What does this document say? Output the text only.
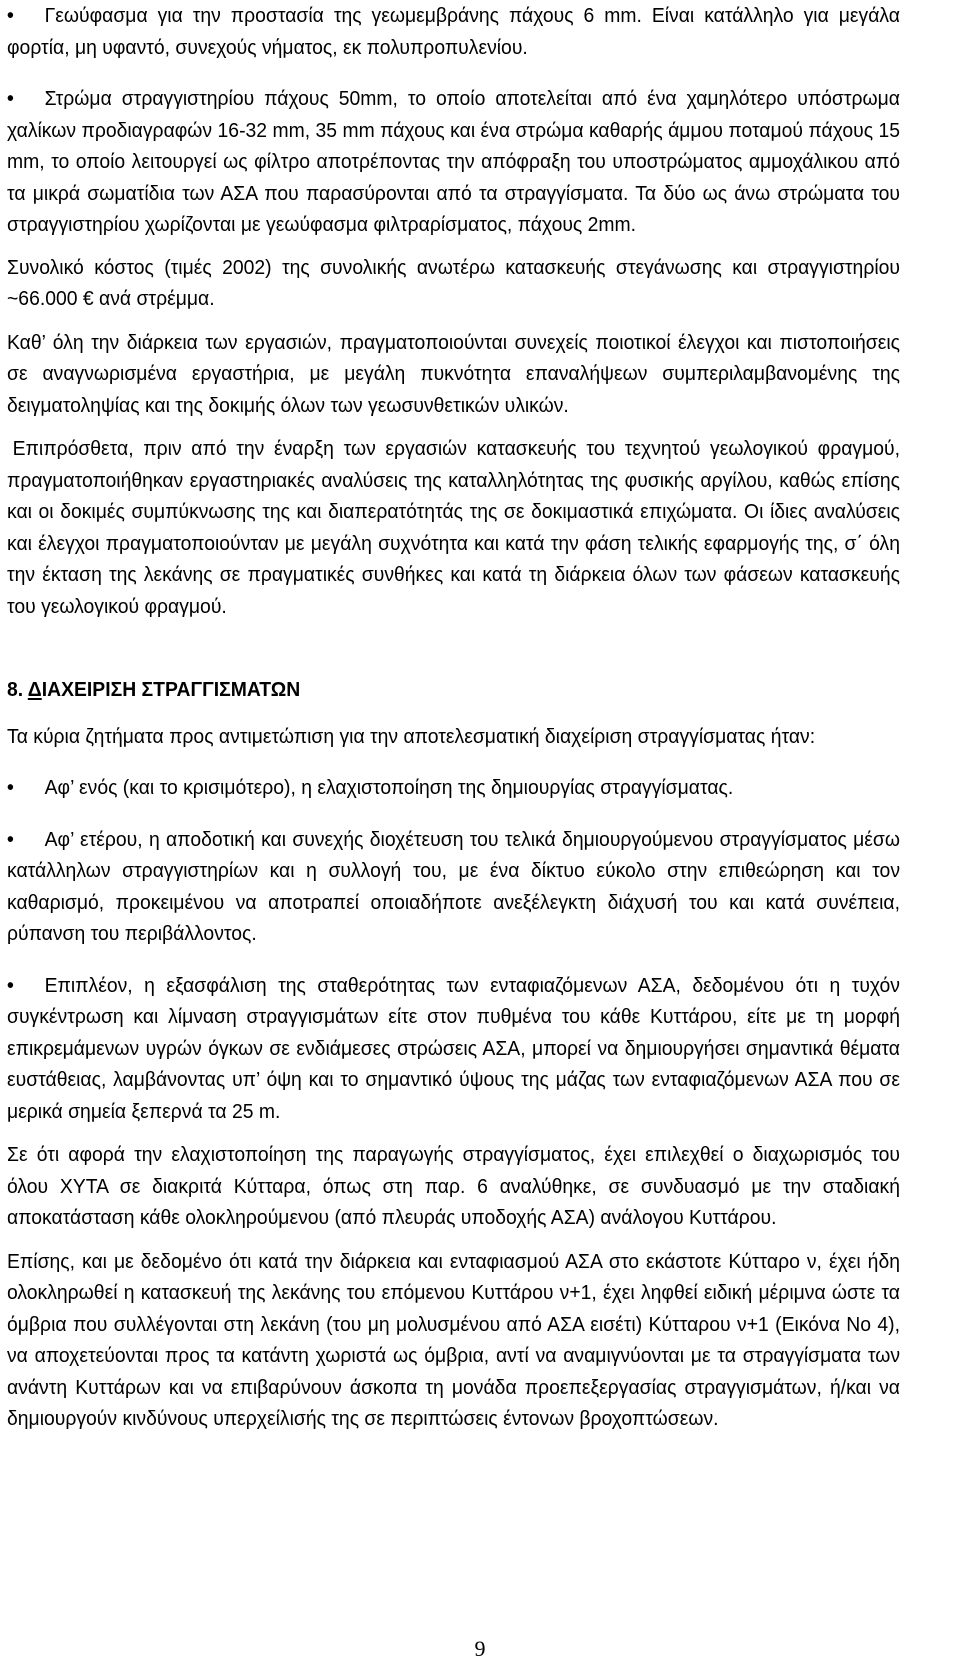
•	Γεωύφασμα για την προστασία της γεωμεμβράνης πάχους 6 mm. Είναι κατάλληλο για μεγάλα φορτία, μη υφαντό, συνεχούς νήματος, εκ πολυπροπυλενίου.

•	Στρώμα στραγγιστηρίου πάχους 50mm, το οποίο αποτελείται από ένα χαμηλότερο υπόστρωμα χαλίκων προδιαγραφών 16-32 mm, 35 mm πάχους και ένα στρώμα καθαρής άμμου ποταμού πάχους 15 mm, το οποίο λειτουργεί ως φίλτρο αποτρέποντας την απόφραξη του υποστρώματος αμμοχάλικου από τα μικρά σωματίδια των ΑΣΑ που παρασύρονται από τα στραγγίσματα. Τα δύο ως άνω στρώματα του στραγγιστηρίου χωρίζονται με γεωύφασμα φιλτραρίσματος, πάχους 2mm.

Συνολικό κόστος (τιμές 2002) της συνολικής ανωτέρω κατασκευής στεγάνωσης και στραγγιστηρίου ~66.000 € ανά στρέμμα.

Καθ’ όλη την διάρκεια των εργασιών, πραγματοποιούνται συνεχείς ποιοτικοί έλεγχοι και πιστοποιήσεις σε αναγνωρισμένα εργαστήρια, με μεγάλη πυκνότητα επαναλήψεων συμπεριλαμβανομένης της δειγματοληψίας και της δοκιμής όλων των γεωσυνθετικών υλικών.

Επιπρόσθετα, πριν από την έναρξη των εργασιών κατασκευής του τεχνητού γεωλογικού φραγμού, πραγματοποιήθηκαν εργαστηριακές αναλύσεις της καταλληλότητας της φυσικής αργίλου, καθώς επίσης και οι δοκιμές συμπύκνωσης της και διαπερατότητάς της σε δοκιμαστικά επιχώματα. Οι ίδιες αναλύσεις και έλεγχοι πραγματοποιούνταν με μεγάλη συχνότητα και κατά την φάση τελικής εφαρμογής της, σ΄ όλη την έκταση της λεκάνης σε πραγματικές συνθήκες και κατά τη διάρκεια όλων των φάσεων κατασκευής του γεωλογικού φραγμού.

8. ΔΙΑΧΕΙΡΙΣΗ ΣΤΡΑΓΓΙΣΜΑΤΩΝ

Τα κύρια ζητήματα προς αντιμετώπιση για την αποτελεσματική διαχείριση στραγγίσματας ήταν:

•	Αφ’ ενός (και το κρισιμότερο), η ελαχιστοποίηση της δημιουργίας στραγγίσματας.

•	Αφ’ ετέρου, η αποδοτική και συνεχής διοχέτευση του τελικά δημιουργούμενου στραγγίσματος μέσω κατάλληλων στραγγιστηρίων και η συλλογή του, με ένα δίκτυο εύκολο στην επιθεώρηση και τον καθαρισμό, προκειμένου να αποτραπεί οποιαδήποτε ανεξέλεγκτη διάχυσή του και κατά συνέπεια, ρύπανση του περιβάλλοντος.

•	Επιπλέον, η εξασφάλιση της σταθερότητας των ενταφιαζόμενων ΑΣΑ, δεδομένου ότι η τυχόν συγκέντρωση και λίμναση στραγγισμάτων είτε στον πυθμένα του κάθε Κυττάρου, είτε με τη μορφή επικρεμάμενων υγρών όγκων σε ενδιάμεσες στρώσεις ΑΣΑ, μπορεί να δημιουργήσει σημαντικά θέματα ευστάθειας, λαμβάνοντας υπ’ όψη και το σημαντικό ύψους της μάζας των ενταφιαζόμενων ΑΣΑ που σε μερικά σημεία ξεπερνά τα 25 m.

Σε ότι αφορά την ελαχιστοποίηση της παραγωγής στραγγίσματος, έχει επιλεχθεί ο διαχωρισμός του όλου ΧΥΤΑ σε διακριτά Κύτταρα, όπως στη παρ. 6 αναλύθηκε, σε συνδυασμό με την σταδιακή αποκατάσταση κάθε ολοκληρούμενου (από πλευράς υποδοχής ΑΣΑ) ανάλογου Κυττάρου.

Επίσης, και με δεδομένο ότι κατά την διάρκεια και ενταφιασμού ΑΣΑ στο εκάστοτε Κύτταρο ν, έχει ήδη ολοκληρωθεί η κατασκευή της λεκάνης του επόμενου Κυττάρου ν+1, έχει ληφθεί ειδική μέριμνα ώστε τα όμβρια που συλλέγονται στη λεκάνη (του μη μολυσμένου από ΑΣΑ εισέτι) Κύτταρου ν+1 (Εικόνα Νο 4), να αποχετεύονται προς τα κατάντη χωριστά ως όμβρια, αντί να αναμιγνύονται με τα στραγγίσματα των ανάντη Κυττάρων και να επιβαρύνουν άσκοπα τη μονάδα προεπεξεργασίας στραγγισμάτων, ή/και να δημιουργούν κινδύνους υπερχείλισής της σε περιπτώσεις έντονων βροχοπτώσεων.

9
